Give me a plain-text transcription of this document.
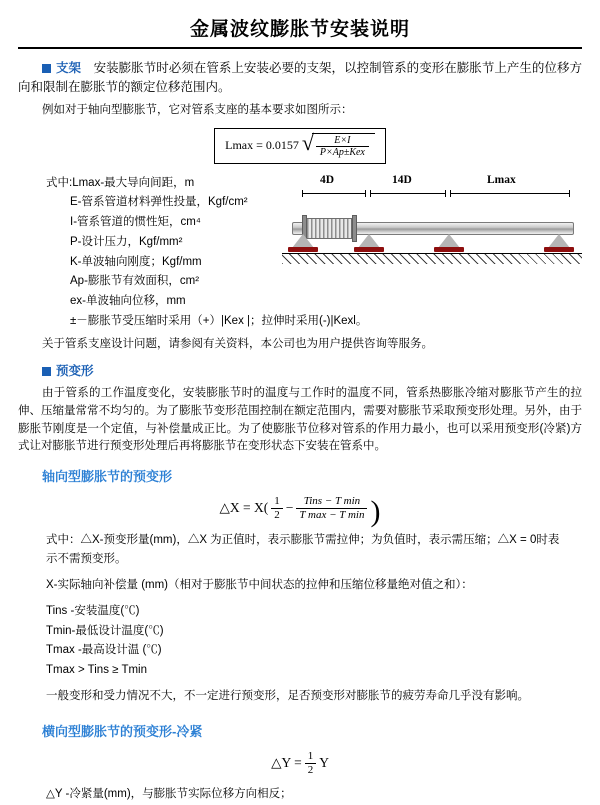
金属波纹膨胀节安装说明

支架　 安装膨胀节时必须在管系上安装必要的支架，以控制管系的变形在膨胀节上产生的位移方向和限制在膨胀节的额定位移范围内。

例如对于轴向型膨胀节，它对管系支座的基本要求如图所示：

Lmax = 0.0157 √ $\frac{E\times I}{\text{P×Ap±Kex}}$
式中:Lmax-最大导向间距，m
E-管系管道材料弹性投量，Kgf/cm²
I-管系管道的惯性矩，cm⁴
P-设计压力，Kgf/mm²
K-单波轴向刚度；Kgf/mm
Ap-膨胀节有效面积，cm²
ex-单波轴向位移，mm
±－膨胀节受压缩时采用（+）|Kex |；拉伸时采用(-)|Kexl。
4D	14D	Lmax

关于管系支座设计问题，请参阅有关资料，本公司也为用户提供咨询等服务。

预变形

由于管系的工作温度变化，安装膨胀节时的温度与工作时的温度不同，管系热膨胀冷缩对膨胀节产生的拉伸、压缩量常常不均匀的。为了膨胀节变形范围控制在额定范围内，需要对膨胀节采取预变形处理。另外，由于膨胀节刚度是一个定值，与补偿量成正比。为了使膨胀节位移对管系的作用力最小，也可以采用预变形(冷紧)方式让对膨胀节进行预变形处理后再将膨胀节在变形状态下安装在管系中。

轴向型膨胀节的预变形
△X = $X( \frac{1}{2} - \frac{\text{Tins − T min}}{\text{T max − T min}}$ )
式中：△X-预变形量(mm)，△X 为正值时，表示膨胀节需拉伸；为负值时，表示需压缩；△X = 0时表示不需预变形。
X-实际轴向补偿量 (mm)（相对于膨胀节中间状态的拉伸和压缩位移量绝对值之和）：
Tins -安装温度(℃)
Tmin-最低设计温度(℃)
Tmax -最高设计温 (℃)
Tmax > Tins ≥ Tmin
一般变形和受力情况不大，不一定进行预变形，足否预变形对膨胀节的疲劳寿命几乎没有影响。
横向型膨胀节的预变形-冷紧
△Y = $\frac{1}{2}$ Y
△Y -冷紧量(mm)，与膨胀节实际位移方向相反；
